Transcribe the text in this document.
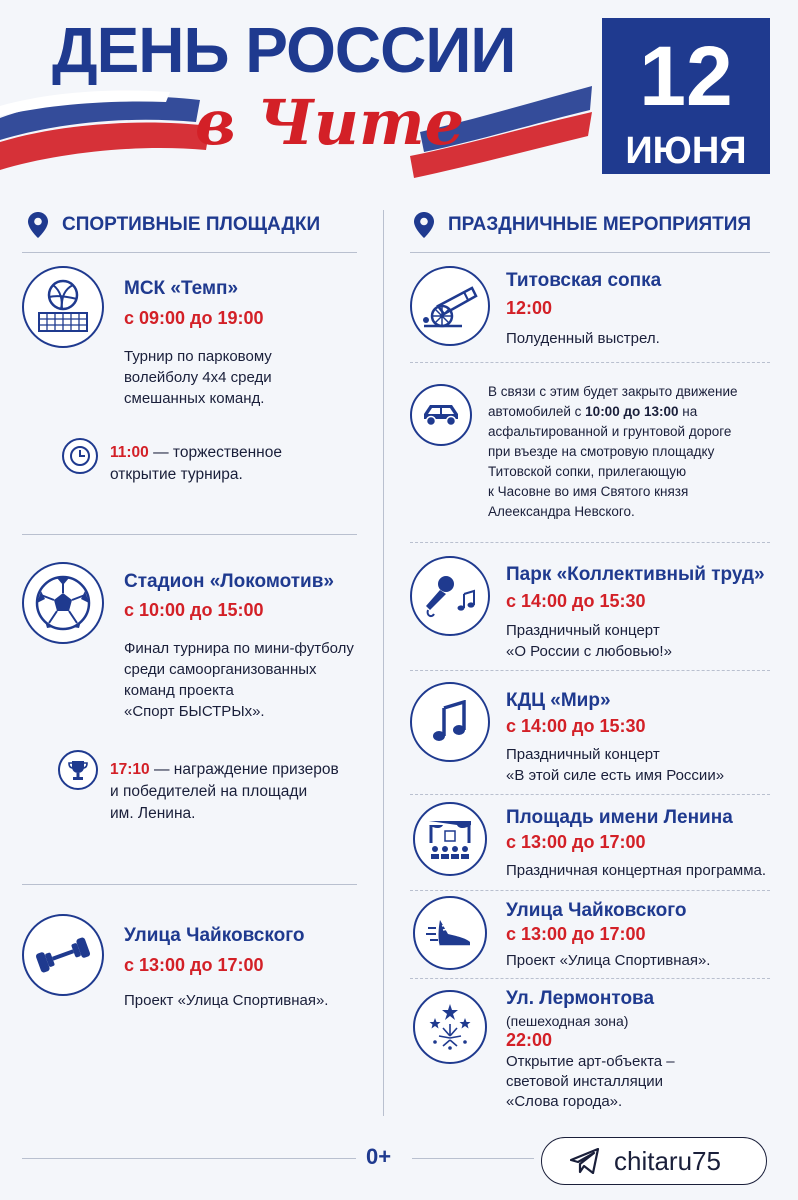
ДЕНЬ РОССИИ
в Чите	12
ИЮНЯ
СПОРТИВНЫЕ ПЛОЩАДКИ	ПРАЗДНИЧНЫЕ МЕРОПРИЯТИЯ
МСК «Темп»
с 09:00 до 19:00
Турнир по парковому
волейболу 4х4 среди
смешанных команд.
11:00 — торжественное
открытие турнира.
Стадион «Локомотив»
с 10:00 до 15:00
Финал турнира по мини-футболу
среди самоорганизованных
команд проекта
«Спорт БЫСТРЫх».
17:10 — награждение призеров
и победителей на площади
им. Ленина.
Улица Чайковского
с 13:00 до 17:00
Проект «Улица Спортивная».
Титовская сопка
12:00
Полуденный выстрел.
В связи с этим будет закрыто движение
автомобилей с 10:00 до 13:00 на
асфальтированной и грунтовой дороге
при въезде на смотровую площадку
Титовской сопки, прилегающую
к Часовне во имя Святого князя
Алеександра Невского.
Парк «Коллективный труд»
с 14:00 до 15:30
Праздничный концерт
«О России с любовью!»
КДЦ «Мир»
с 14:00 до 15:30
Праздничный концерт
«В этой силе есть имя России»
Площадь имени Ленина
с 13:00 до 17:00
Праздничная концертная программа.
Улица Чайковского
с 13:00 до 17:00
Проект «Улица Спортивная».
Ул. Лермонтова
(пешеходная зона)
22:00
Открытие арт-объекта –
световой инсталляции
«Слова города».
0+	chitaru75
